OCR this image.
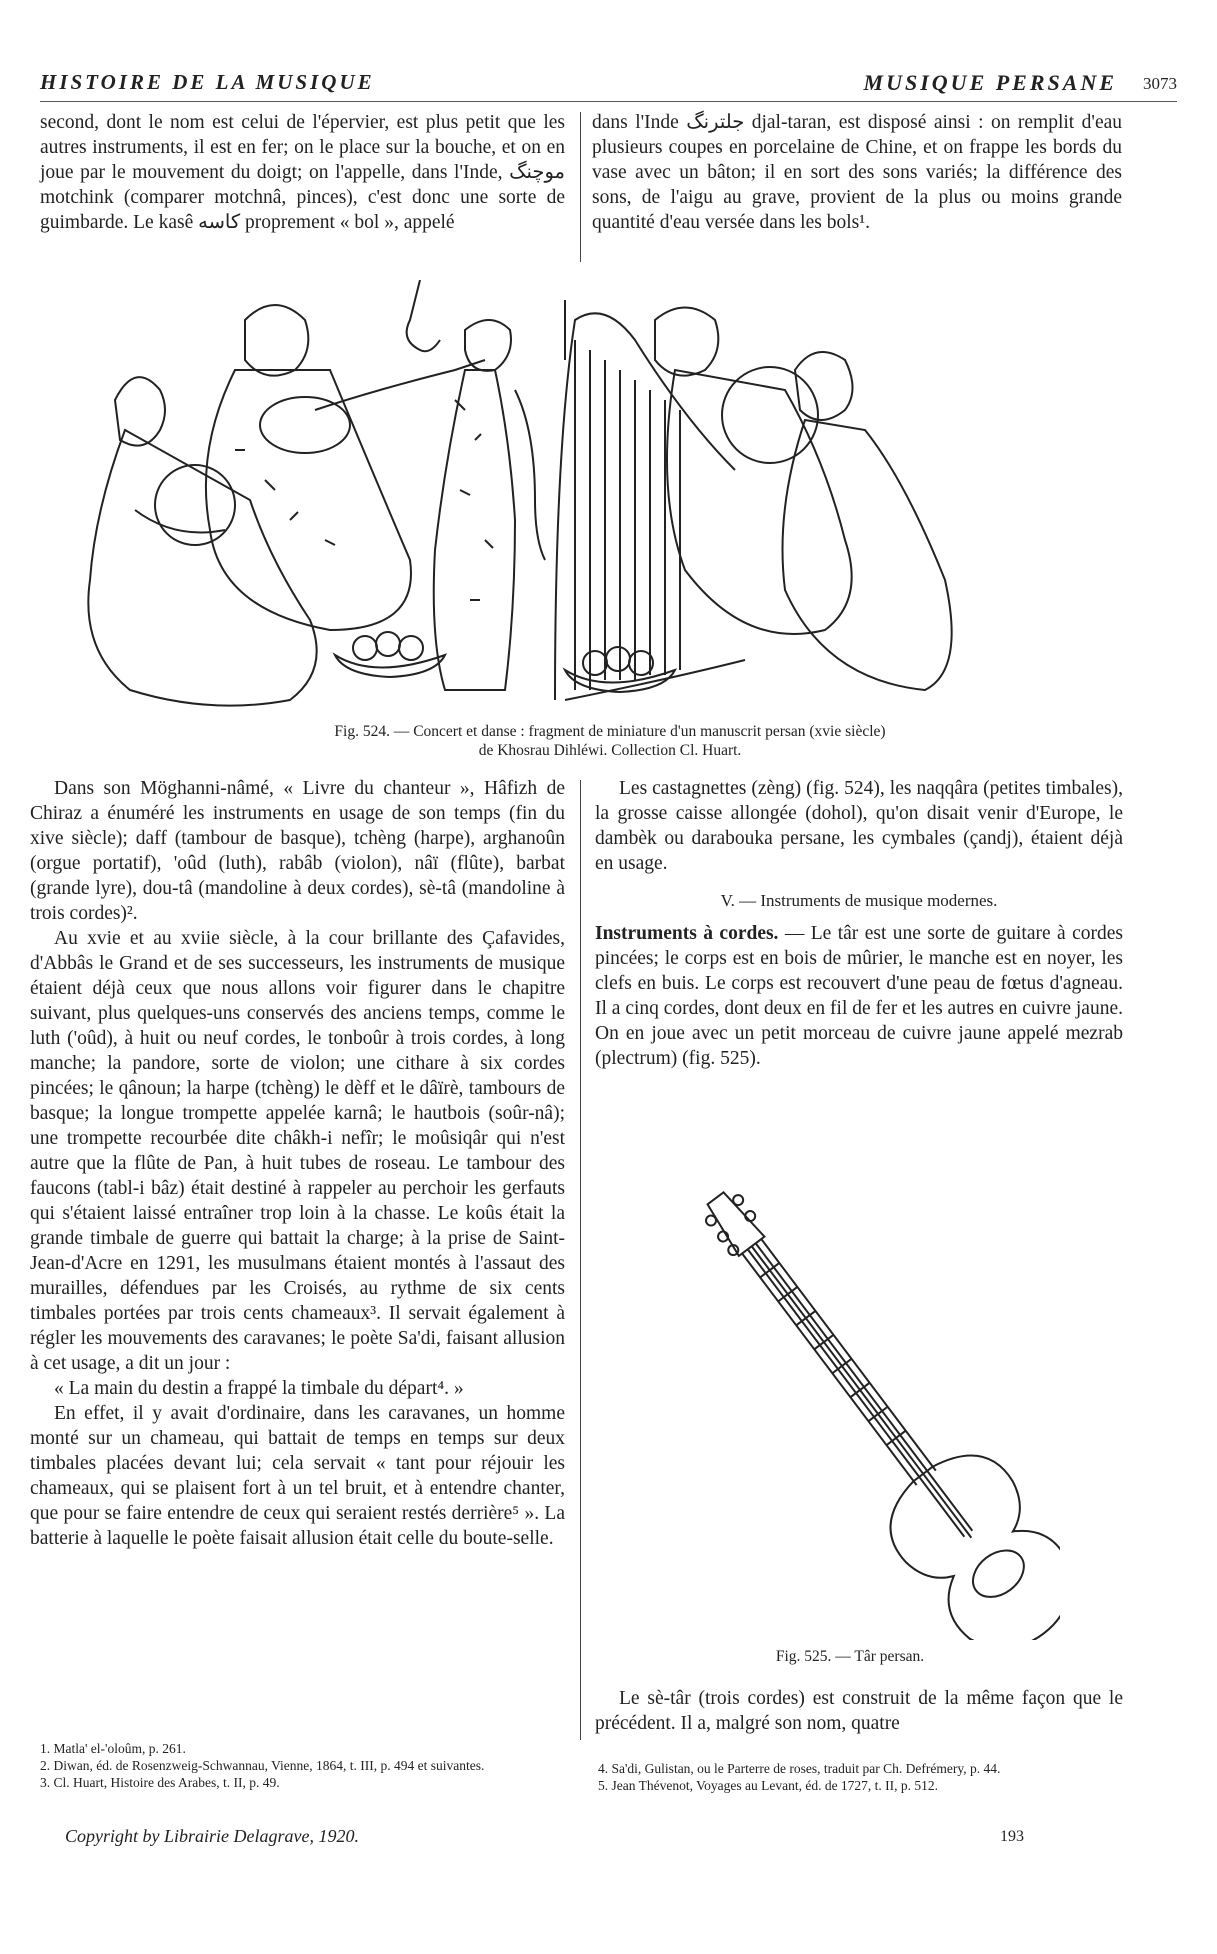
HISTOIRE DE LA MUSIQUE	MUSIQUE PERSANE 3073

second, dont le nom est celui de l'épervier, est plus petit que les autres instruments, il est en fer; on le place sur la bouche, et on en joue par le mouvement du doigt; on l'appelle, dans l'Inde, موچنگ motchink (comparer motchnâ, pinces), c'est donc une sorte de guimbarde. Le kasê كاسه proprement « bol », appelé

dans l'Inde جلترنگ djal-taran, est disposé ainsi : on remplit d'eau plusieurs coupes en porcelaine de Chine, et on frappe les bords du vase avec un bâton; il en sort des sons variés; la différence des sons, de l'aigu au grave, provient de la plus ou moins grande quantité d'eau versée dans les bols¹.

Fig. 524. — Concert et danse : fragment de miniature d'un manuscrit persan (xvie siècle)
de Khosrau Dihléwi. Collection Cl. Huart.

Dans son Möghanni-nâmé, « Livre du chanteur », Hâfizh de Chiraz a énuméré les instruments en usage de son temps (fin du xive siècle); daff (tambour de basque), tchèng (harpe), arghanoûn (orgue portatif), 'oûd (luth), rabâb (violon), nâï (flûte), barbat (grande lyre), dou-tâ (mandoline à deux cordes), sè-tâ (mandoline à trois cordes)².

Au xvie et au xviie siècle, à la cour brillante des Çafavides, d'Abbâs le Grand et de ses successeurs, les instruments de musique étaient déjà ceux que nous allons voir figurer dans le chapitre suivant, plus quelques-uns conservés des anciens temps, comme le luth ('oûd), à huit ou neuf cordes, le tonboûr à trois cordes, à long manche; la pandore, sorte de violon; une cithare à six cordes pincées; le qânoun; la harpe (tchèng) le dèff et le dâïrè, tambours de basque; la longue trompette appelée karnâ; le hautbois (soûr-nâ); une trompette recourbée dite châkh-i nefîr; le moûsiqâr qui n'est autre que la flûte de Pan, à huit tubes de roseau. Le tambour des faucons (tabl-i bâz) était destiné à rappeler au perchoir les gerfauts qui s'étaient laissé entraîner trop loin à la chasse. Le koûs était la grande timbale de guerre qui battait la charge; à la prise de Saint-Jean-d'Acre en 1291, les musulmans étaient montés à l'assaut des murailles, défendues par les Croisés, au rythme de six cents timbales portées par trois cents chameaux³. Il servait également à régler les mouvements des caravanes; le poète Sa'di, faisant allusion à cet usage, a dit un jour :

« La main du destin a frappé la timbale du départ⁴. »

En effet, il y avait d'ordinaire, dans les caravanes, un homme monté sur un chameau, qui battait de temps en temps sur deux timbales placées devant lui; cela servait « tant pour réjouir les chameaux, qui se plaisent fort à un tel bruit, et à entendre chanter, que pour se faire entendre de ceux qui seraient restés derrière⁵ ». La batterie à laquelle le poète faisait allusion était celle du boute-selle.

Les castagnettes (zèng) (fig. 524), les naqqâra (petites timbales), la grosse caisse allongée (dohol), qu'on disait venir d'Europe, le dambèk ou darabouka persane, les cymbales (çandj), étaient déjà en usage.

V. — Instruments de musique modernes.

Instruments à cordes. — Le târ est une sorte de guitare à cordes pincées; le corps est en bois de mûrier, le manche est en noyer, les clefs en buis. Le corps est recouvert d'une peau de fœtus d'agneau. Il a cinq cordes, dont deux en fil de fer et les autres en cuivre jaune. On en joue avec un petit morceau de cuivre jaune appelé mezrab (plectrum) (fig. 525).

Fig. 525. — Târ persan.

Le sè-târ (trois cordes) est construit de la même façon que le précédent. Il a, malgré son nom, quatre

1. Matla' el-'oloûm, p. 261.
2. Diwan, éd. de Rosenzweig-Schwannau, Vienne, 1864, t. III, p. 494 et suivantes.
3. Cl. Huart, Histoire des Arabes, t. II, p. 49.
4. Sa'di, Gulistan, ou le Parterre de roses, traduit par Ch. Defrémery, p. 44.
5. Jean Thévenot, Voyages au Levant, éd. de 1727, t. II, p. 512.
Copyright by Librairie Delagrave, 1920.	193
